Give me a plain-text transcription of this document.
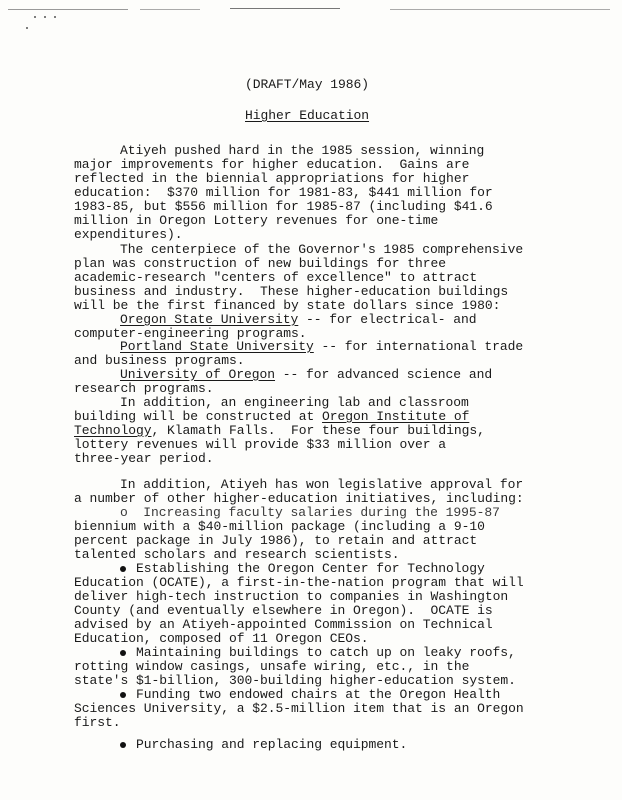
(DRAFT/May 1986)
Higher Education
Atiyeh pushed hard in the 1985 session, winning
major improvements for higher education.  Gains are
reflected in the biennial appropriations for higher
education:  $370 million for 1981-83, $441 million for
1983-85, but $556 million for 1985-87 (including $41.6
million in Oregon Lottery revenues for one-time
expenditures).
The centerpiece of the Governor's 1985 comprehensive
plan was construction of new buildings for three
academic-research "centers of excellence" to attract
business and industry.  These higher-education buildings
will be the first financed by state dollars since 1980:
Oregon State University -- for electrical- and
computer-engineering programs.
Portland State University -- for international trade
and business programs.
University of Oregon -- for advanced science and
research programs.
In addition, an engineering lab and classroom
building will be constructed at Oregon Institute of
Technology, Klamath Falls.  For these four buildings,
lottery revenues will provide $33 million over a
three-year period.
In addition, Atiyeh has won legislative approval for
a number of other higher-education initiatives, including:
o Increasing faculty salaries during the 1995-87
biennium with a $40-million package (including a 9-10
percent package in July 1986), to retain and attract
talented scholars and research scientists.
Establishing the Oregon Center for Technology
Education (OCATE), a first-in-the-nation program that will
deliver high-tech instruction to companies in Washington
County (and eventually elsewhere in Oregon).  OCATE is
advised by an Atiyeh-appointed Commission on Technical
Education, composed of 11 Oregon CEOs.
Maintaining buildings to catch up on leaky roofs,
rotting window casings, unsafe wiring, etc., in the
state's $1-billion, 300-building higher-education system.
Funding two endowed chairs at the Oregon Health
Sciences University, a $2.5-million item that is an Oregon
first.
Purchasing and replacing equipment.
